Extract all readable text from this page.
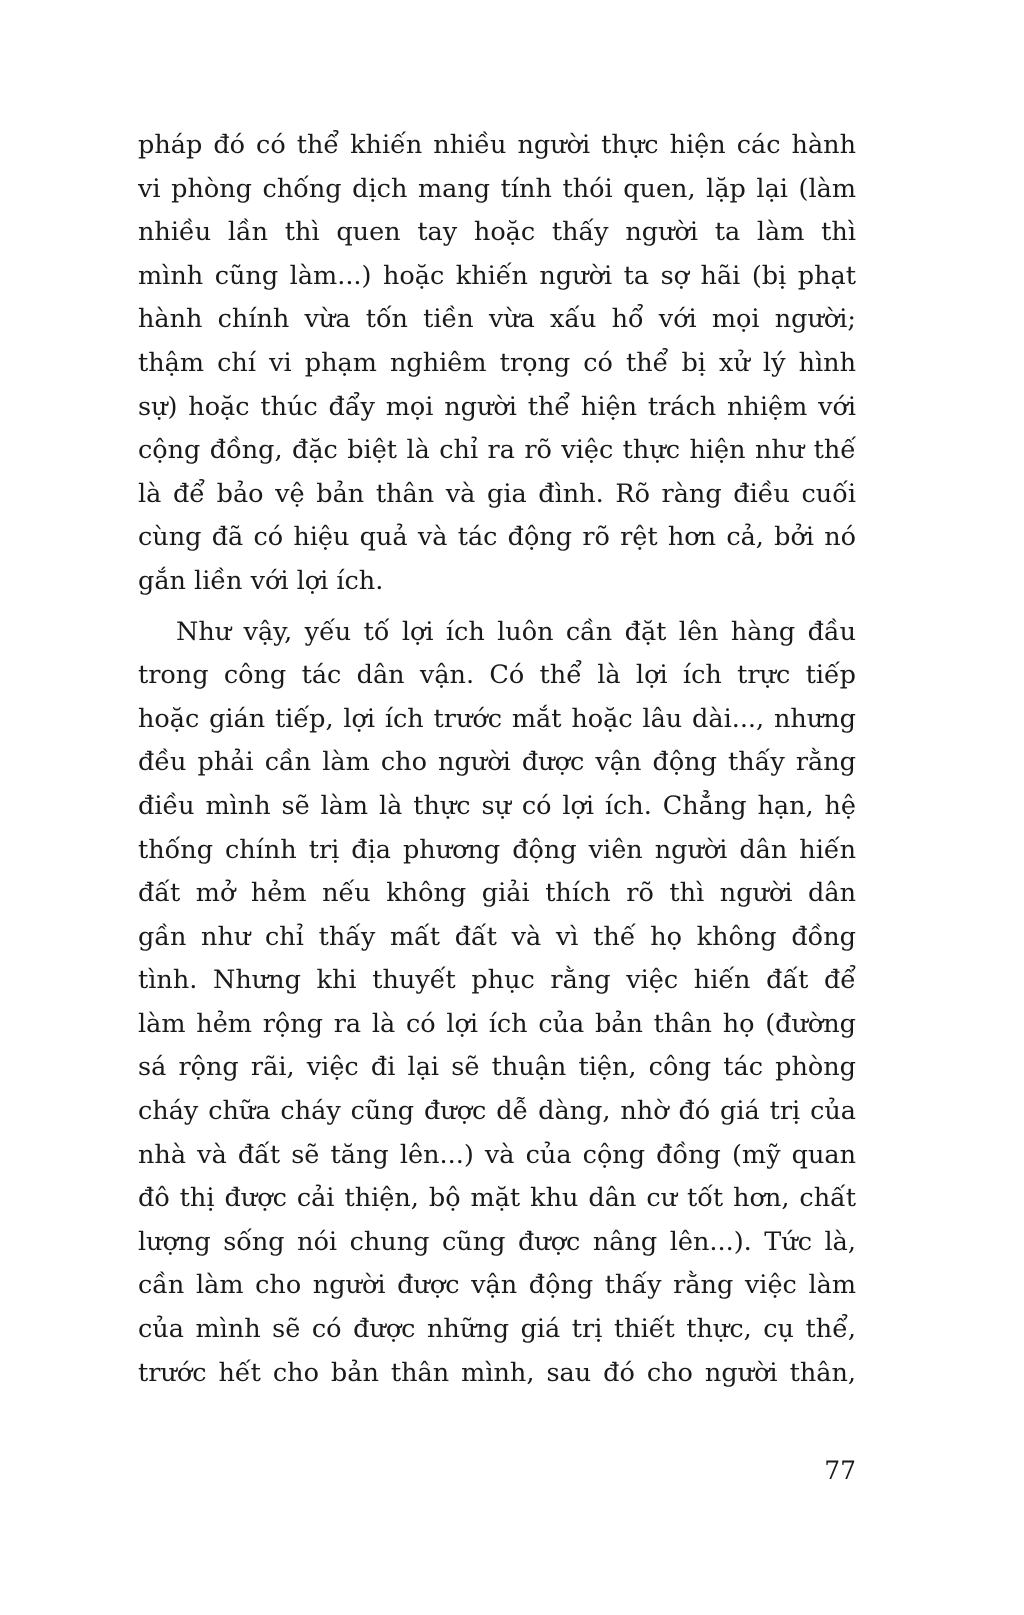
pháp đó có thể khiến nhiều người thực hiện các hành
vi phòng chống dịch mang tính thói quen, lặp lại (làm
nhiều lần thì quen tay hoặc thấy người ta làm thì
mình cũng làm...) hoặc khiến người ta sợ hãi (bị phạt
hành chính vừa tốn tiền vừa xấu hổ với mọi người;
thậm chí vi phạm nghiêm trọng có thể bị xử lý hình
sự) hoặc thúc đẩy mọi người thể hiện trách nhiệm với
cộng đồng, đặc biệt là chỉ ra rõ việc thực hiện như thế
là để bảo vệ bản thân và gia đình. Rõ ràng điều cuối
cùng đã có hiệu quả và tác động rõ rệt hơn cả, bởi nó
gắn liền với lợi ích.

Như vậy, yếu tố lợi ích luôn cần đặt lên hàng đầu
trong công tác dân vận. Có thể là lợi ích trực tiếp
hoặc gián tiếp, lợi ích trước mắt hoặc lâu dài..., nhưng
đều phải cần làm cho người được vận động thấy rằng
điều mình sẽ làm là thực sự có lợi ích. Chẳng hạn, hệ
thống chính trị địa phương động viên người dân hiến
đất mở hẻm nếu không giải thích rõ thì người dân
gần như chỉ thấy mất đất và vì thế họ không đồng
tình. Nhưng khi thuyết phục rằng việc hiến đất để
làm hẻm rộng ra là có lợi ích của bản thân họ (đường
sá rộng rãi, việc đi lại sẽ thuận tiện, công tác phòng
cháy chữa cháy cũng được dễ dàng, nhờ đó giá trị của
nhà và đất sẽ tăng lên...) và của cộng đồng (mỹ quan
đô thị được cải thiện, bộ mặt khu dân cư tốt hơn, chất
lượng sống nói chung cũng được nâng lên...). Tức là,
cần làm cho người được vận động thấy rằng việc làm
của mình sẽ có được những giá trị thiết thực, cụ thể,
trước hết cho bản thân mình, sau đó cho người thân,

77
